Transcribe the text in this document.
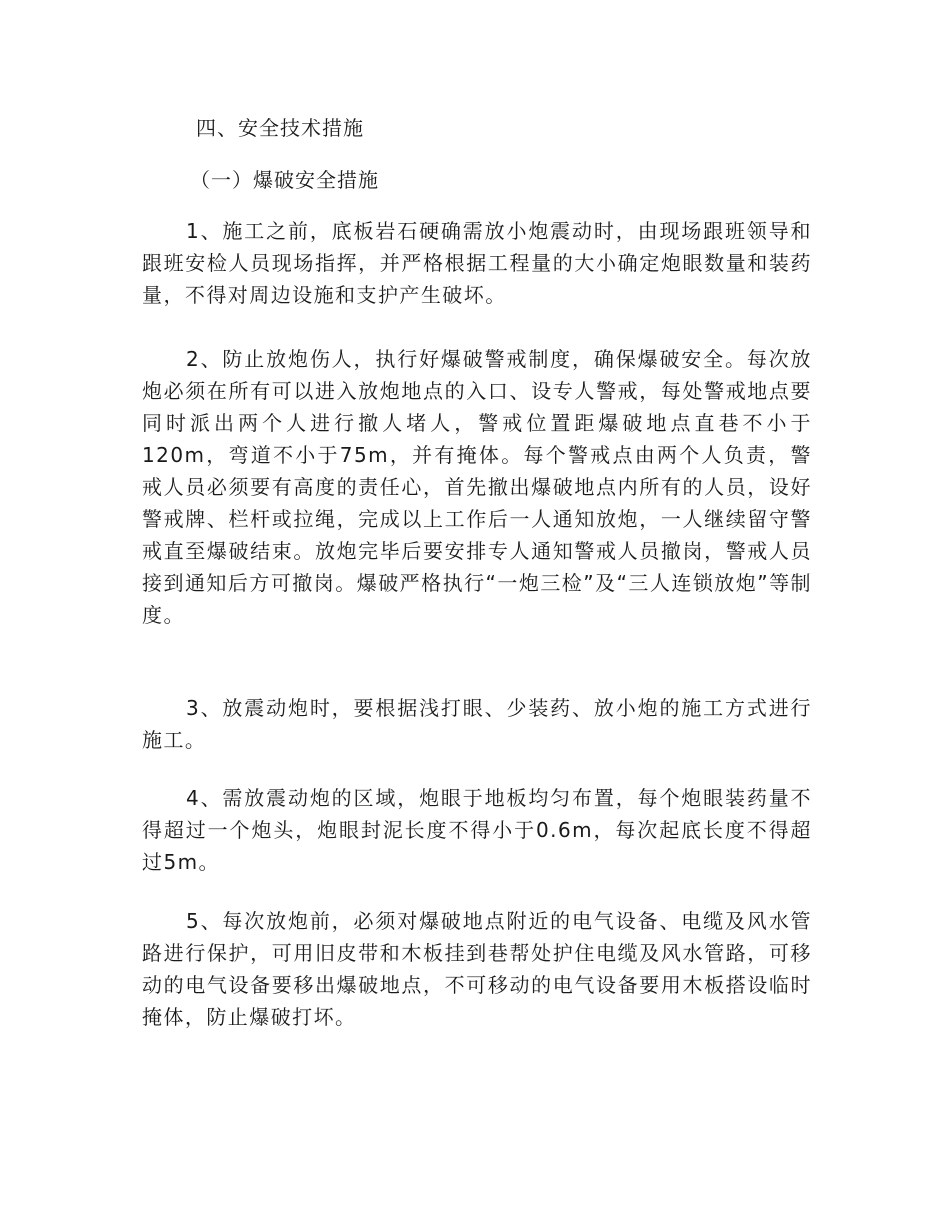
四、安全技术措施
（一）爆破安全措施

1、施工之前，底板岩石硬确需放小炮震动时，由现场跟班领导和跟班安检人员现场指挥，并严格根据工程量的大小确定炮眼数量和装药量，不得对周边设施和支护产生破坏。

2、防止放炮伤人，执行好爆破警戒制度，确保爆破安全。每次放炮必须在所有可以进入放炮地点的入口、设专人警戒，每处警戒地点要同时派出两个人进行撤人堵人，警戒位置距爆破地点直巷不小于120m，弯道不小于75m，并有掩体。每个警戒点由两个人负责，警戒人员必须要有高度的责任心，首先撤出爆破地点内所有的人员，设好警戒牌、栏杆或拉绳，完成以上工作后一人通知放炮，一人继续留守警戒直至爆破结束。放炮完毕后要安排专人通知警戒人员撤岗，警戒人员接到通知后方可撤岗。爆破严格执行“一炮三检”及“三人连锁放炮”等制度。

3、放震动炮时，要根据浅打眼、少装药、放小炮的施工方式进行施工。

4、需放震动炮的区域，炮眼于地板均匀布置，每个炮眼装药量不得超过一个炮头，炮眼封泥长度不得小于0.6m，每次起底长度不得超过5m。

5、每次放炮前，必须对爆破地点附近的电气设备、电缆及风水管路进行保护，可用旧皮带和木板挂到巷帮处护住电缆及风水管路，可移动的电气设备要移出爆破地点，不可移动的电气设备要用木板搭设临时掩体，防止爆破打坏。
